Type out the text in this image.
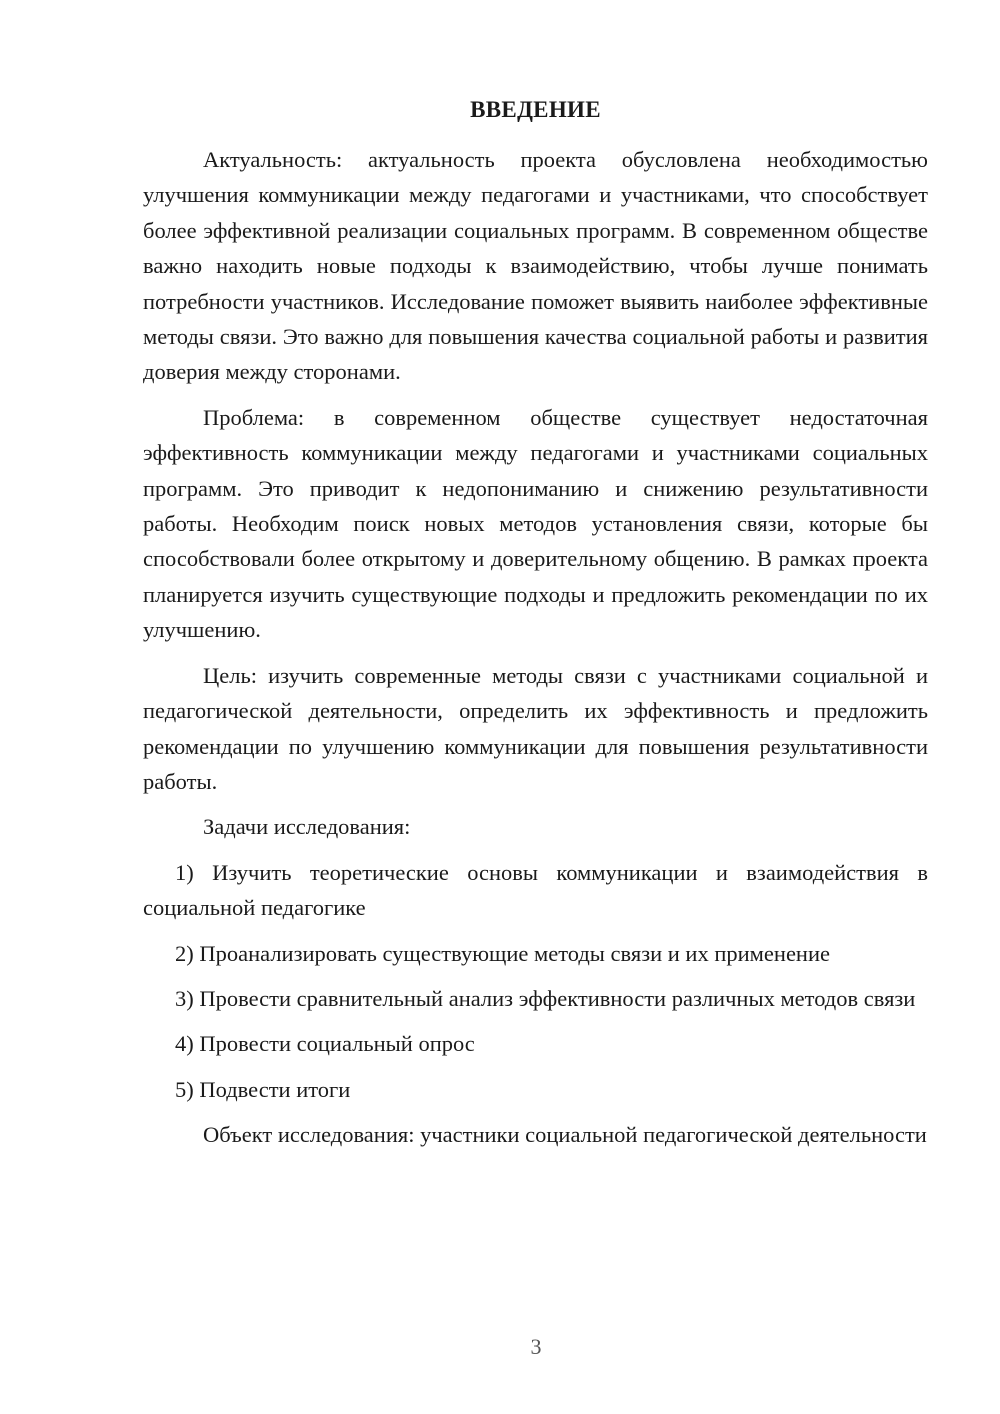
ВВЕДЕНИЕ

Актуальность: актуальность проекта обусловлена необходимостью улучшения коммуникации между педагогами и участниками, что способствует более эффективной реализации социальных программ. В современном обществе важно находить новые подходы к взаимодействию, чтобы лучше понимать потребности участников. Исследование поможет выявить наиболее эффективные методы связи. Это важно для повышения качества социальной работы и развития доверия между сторонами.

Проблема: в современном обществе существует недостаточная эффективность коммуникации между педагогами и участниками социальных программ. Это приводит к недопониманию и снижению результативности работы. Необходим поиск новых методов установления связи, которые бы способствовали более открытому и доверительному общению. В рамках проекта планируется изучить существующие подходы и предложить рекомендации по их улучшению.

Цель: изучить современные методы связи с участниками социальной и педагогической деятельности, определить их эффективность и предложить рекомендации по улучшению коммуникации для повышения результативности работы.

Задачи исследования:

1) Изучить теоретические основы коммуникации и взаимодействия в социальной педагогике

2) Проанализировать существующие методы связи и их применение

3) Провести сравнительный анализ эффективности различных методов связи

4) Провести социальный опрос

5) Подвести итоги

Объект исследования: участники социальной педагогической деятельности

3
